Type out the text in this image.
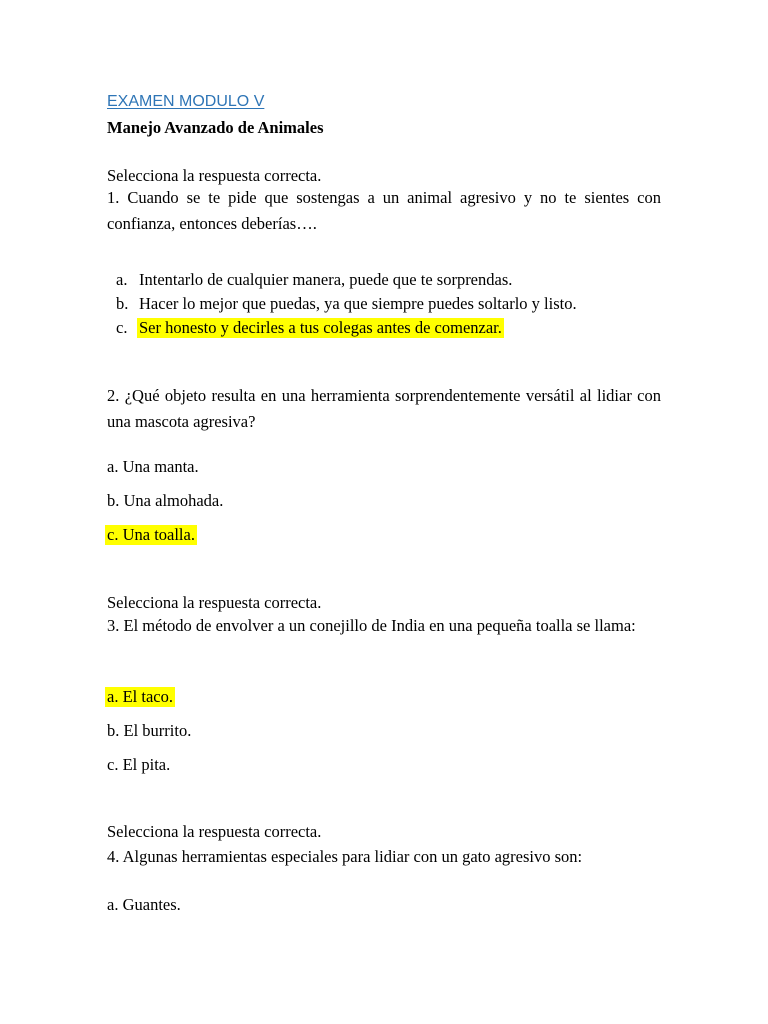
EXAMEN MODULO V
Manejo Avanzado de Animales
Selecciona la respuesta correcta.
1. Cuando se te pide que sostengas a un animal agresivo y no te sientes con confianza, entonces deberías….
a. Intentarlo de cualquier manera, puede que te sorprendas.
b. Hacer lo mejor que puedas, ya que siempre puedes soltarlo y listo.
c. Ser honesto y decirles a tus colegas antes de comenzar.
2. ¿Qué objeto resulta en una herramienta sorprendentemente versátil al lidiar con una mascota agresiva?
a. Una manta.
b. Una almohada.
c. Una toalla.
Selecciona la respuesta correcta.
3. El método de envolver a un conejillo de India en una pequeña toalla se llama:
a. El taco.
b. El burrito.
c. El pita.
Selecciona la respuesta correcta.
4. Algunas herramientas especiales para lidiar con un gato agresivo son:
a. Guantes.
